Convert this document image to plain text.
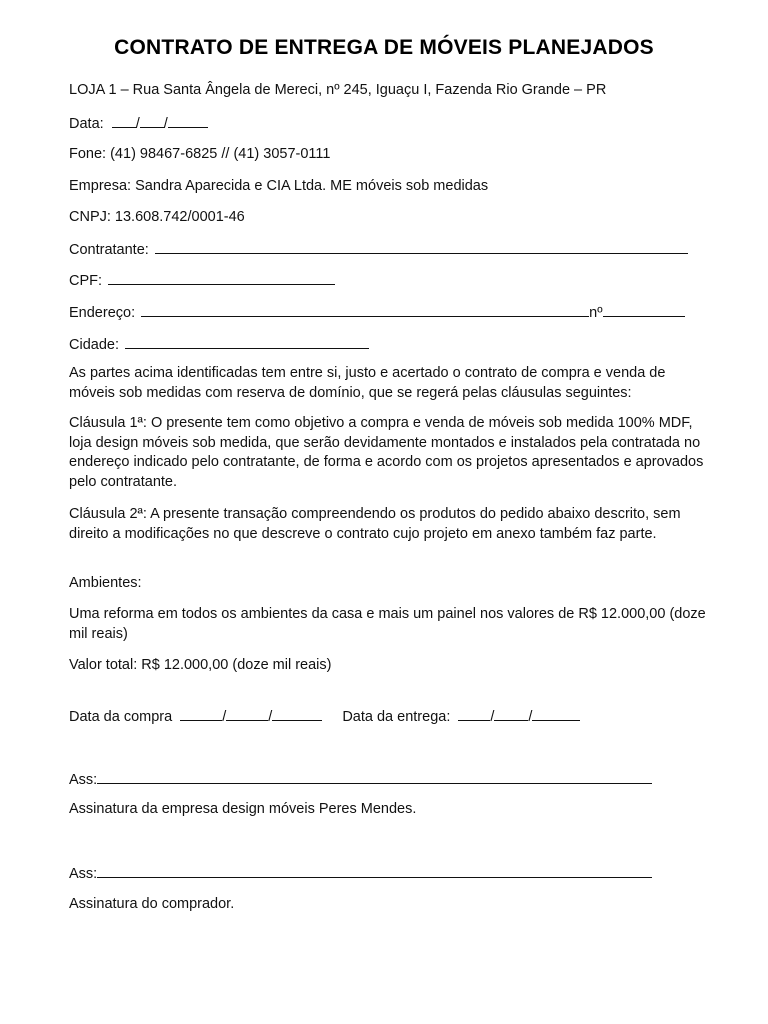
CONTRATO DE ENTREGA DE MÓVEIS PLANEJADOS
LOJA 1 – Rua Santa Ângela de Mereci, nº 245, Iguaçu I, Fazenda Rio Grande – PR
Data: / /
Fone: (41) 98467-6825 // (41) 3057-0111
Empresa: Sandra Aparecida e CIA Ltda. ME móveis sob medidas
CNPJ: 13.608.742/0001-46
Contratante:
CPF:
Endereço:	nº
Cidade:
As partes acima identificadas tem entre si, justo e acertado o contrato de compra e venda de móveis sob medidas com reserva de domínio, que se regerá pelas cláusulas seguintes:
Cláusula 1ª: O presente tem como objetivo a compra e venda de móveis sob medida 100% MDF, loja design móveis sob medida, que serão devidamente montados e instalados pela contratada no endereço indicado pelo contratante, de forma e acordo com os projetos apresentados e aprovados pelo contratante.
Cláusula 2ª: A presente transação compreendendo os produtos do pedido abaixo descrito, sem direito a modificações no que descreve o contrato cujo projeto em anexo também faz parte.
Ambientes:
Uma reforma em todos os ambientes da casa e mais um painel nos valores de R$ 12.000,00 (doze mil reais)
Valor total: R$ 12.000,00 (doze mil reais)
Data da compra	/	/	Data da entrega:	/ /
Ass:
Assinatura da empresa design móveis Peres Mendes.
Ass:
Assinatura do comprador.
